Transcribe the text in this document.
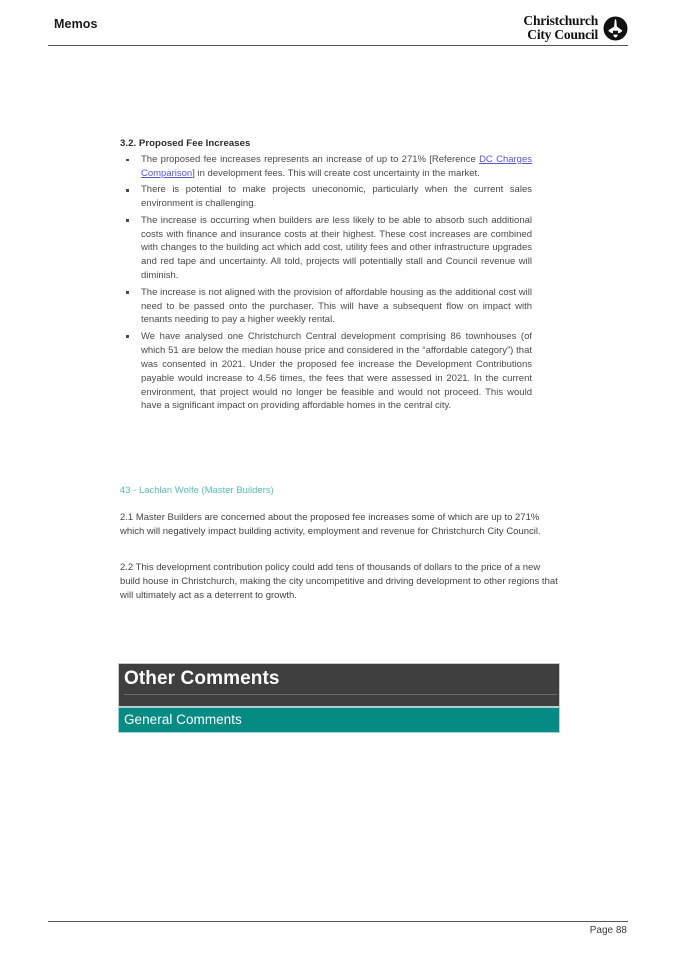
Memos	Christchurch
City Council
3.2. Proposed Fee Increases
The proposed fee increases represents an increase of up to 271% [Reference DC Charges Comparison] in development fees. This will create cost uncertainty in the market.
There is potential to make projects uneconomic, particularly when the current sales environment is challenging.
The increase is occurring when builders are less likely to be able to absorb such additional costs with finance and insurance costs at their highest. These cost increases are combined with changes to the building act which add cost, utility fees and other infrastructure upgrades and red tape and uncertainty. All told, projects will potentially stall and Council revenue will diminish.
The increase is not aligned with the provision of affordable housing as the additional cost will need to be passed onto the purchaser. This will have a subsequent flow on impact with tenants needing to pay a higher weekly rental.
We have analysed one Christchurch Central development comprising 86 townhouses (of which 51 are below the median house price and considered in the “affordable category”) that was consented in 2021. Under the proposed fee increase the Development Contributions payable would increase to 4.56 times, the fees that were assessed in 2021. In the current environment, that project would no longer be feasible and would not proceed. This would have a significant impact on providing affordable homes in the central city.
43 - Lachlan Wolfe (Master Builders)
2.1 Master Builders are concerned about the proposed fee increases some of which are up to 271% which will negatively impact building activity, employment and revenue for Christchurch City Council.
2.2 This development contribution policy could add tens of thousands of dollars to the price of a new build house in Christchurch, making the city uncompetitive and driving development to other regions that will ultimately act as a deterrent to growth.
Other Comments
General Comments
Page 88
